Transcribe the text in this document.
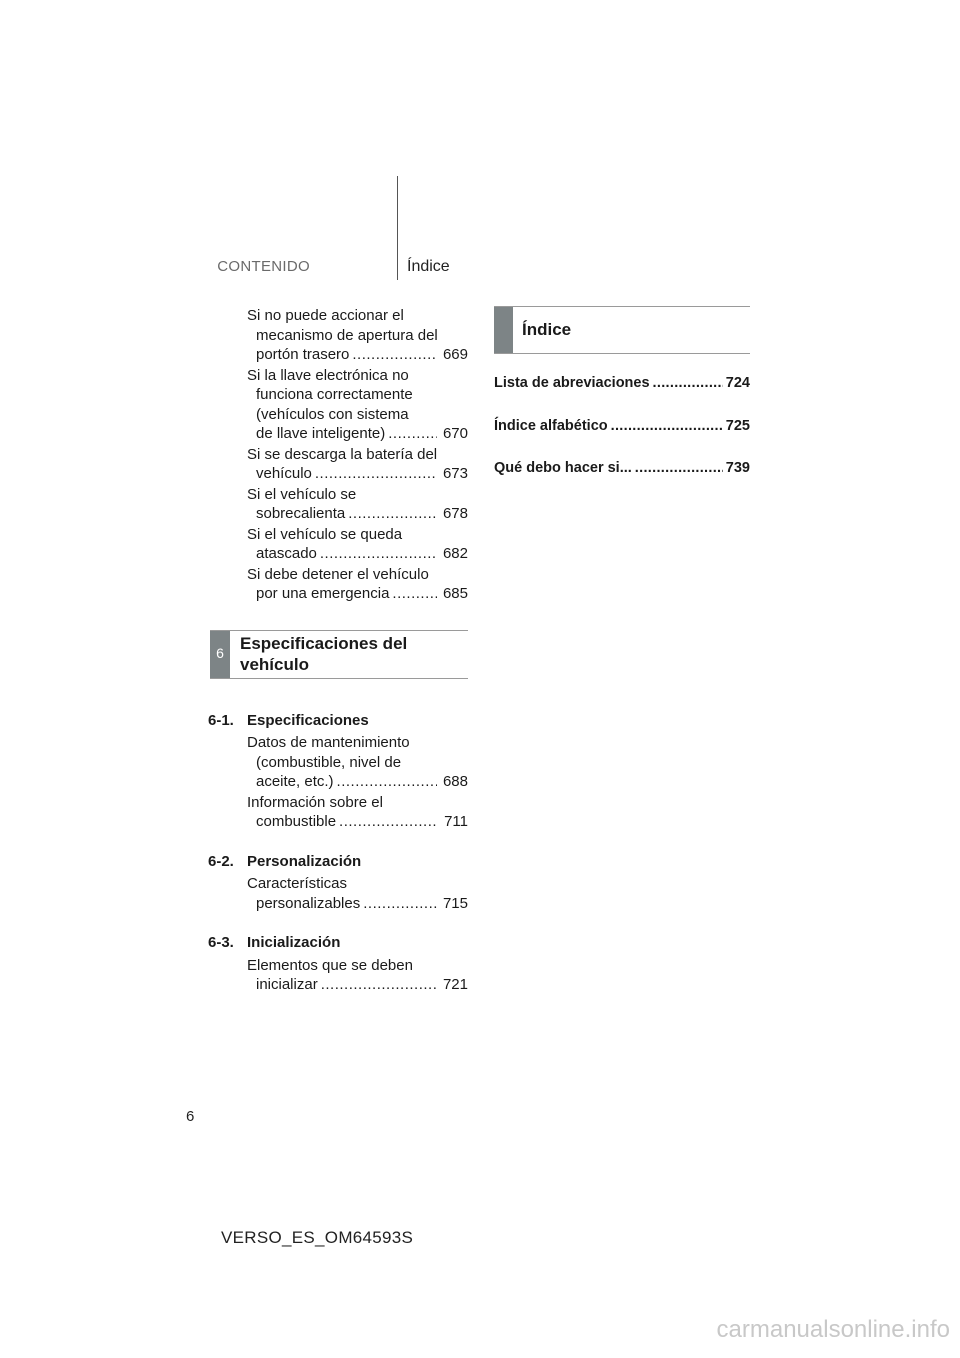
CONTENIDO	Índice
Si no puede accionar el
mecanismo de apertura del
portón trasero .....	669
Si la llave electrónica no
funciona correctamente
(vehículos con sistema
de llave inteligente) .....	670
Si se descarga la batería del
vehículo .....	673
Si el vehículo se
sobrecalienta .....	678
Si el vehículo se queda
atascado .....	682
Si debe detener el vehículo
por una emergencia .....	685
6
Especificaciones del vehículo
6-1. Especificaciones
Datos de mantenimiento
(combustible, nivel de
aceite, etc.) .....	688
Información sobre el
combustible .....	711
6-2. Personalización
Características
personalizables .....	715
6-3. Inicialización
Elementos que se deben
inicializar .....	721
Índice
Lista de abreviaciones .....	724
Índice alfabético .....	725
Qué debo hacer si... .....	739
6
VERSO_ES_OM64593S
carmanualsonline.info
